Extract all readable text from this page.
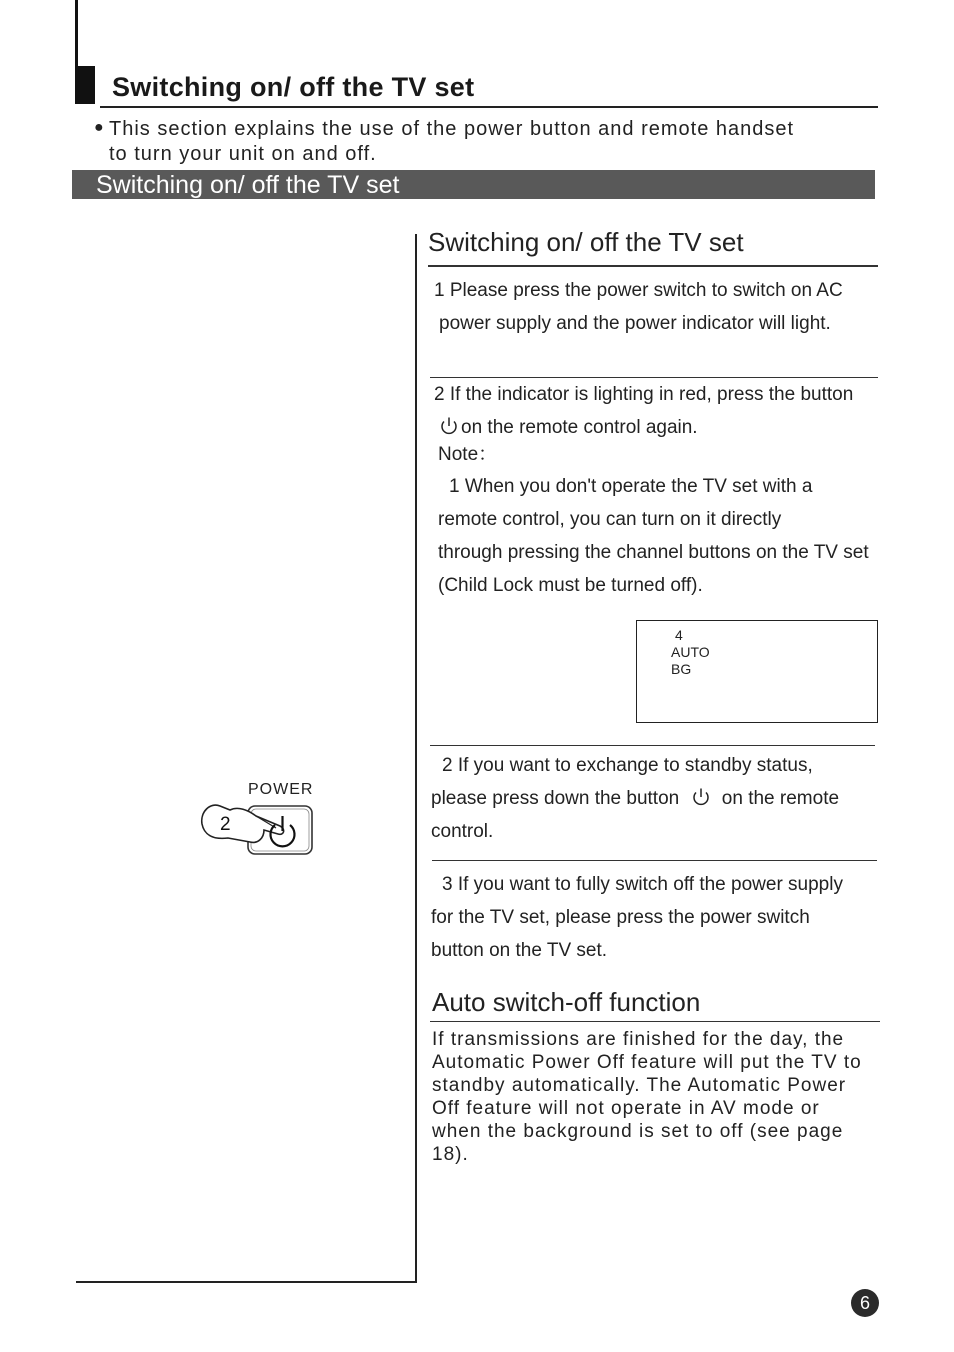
Switching on/ off the TV set
● This section explains the use of the power button and remote handset
to turn your unit on and off.
Switching on/ off the TV set
POWER
2
Switching on/ off the TV set
1 Please press the power switch to switch on AC
power supply and the power indicator will light.
2 If the indicator is lighting in red, press the button
on the remote control again.
Note：
1 When you don't operate the TV set with a
remote control, you can turn on it directly
through pressing the channel buttons on the TV set
(Child Lock must be turned off).
4
AUTO
BG
2 If you want to exchange to standby status,
please press down the button on the remote
control.
3 If you want to fully switch off the power supply
for the TV set, please press the power switch
button on the TV set.
Auto switch-off function
If transmissions are finished for the day, the
Automatic Power Off feature will put the TV to
standby automatically. The Automatic Power
Off feature will not operate in AV mode or
when the background is set to off (see page
18).
6
